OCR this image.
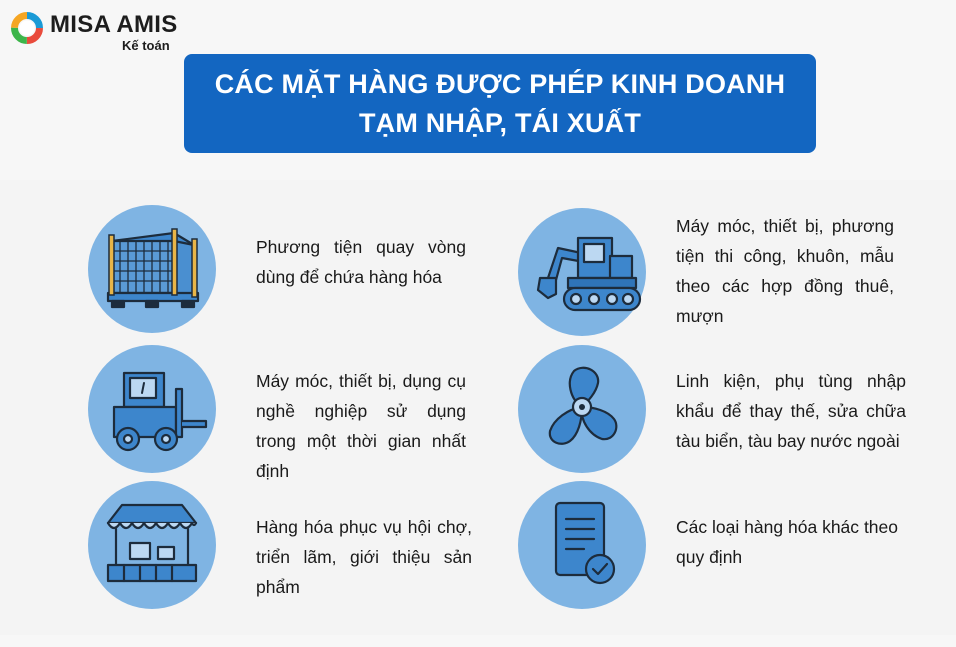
MISA AMIS
Kế toán

CÁC MẶT HÀNG ĐƯỢC PHÉP KINH DOANH
TẠM NHẬP, TÁI XUẤT

Phương tiện quay vòng dùng để chứa hàng hóa

Máy móc, thiết bị, phương tiện thi công, khuôn, mẫu theo các hợp đồng thuê, mượn

Máy móc, thiết bị, dụng cụ nghề nghiệp sử dụng trong một thời gian nhất định

Linh kiện, phụ tùng nhập khẩu để thay thế, sửa chữa tàu biển, tàu bay nước ngoài

Hàng hóa phục vụ hội chợ, triển lãm, giới thiệu sản phẩm

Các loại hàng hóa khác theo quy định
